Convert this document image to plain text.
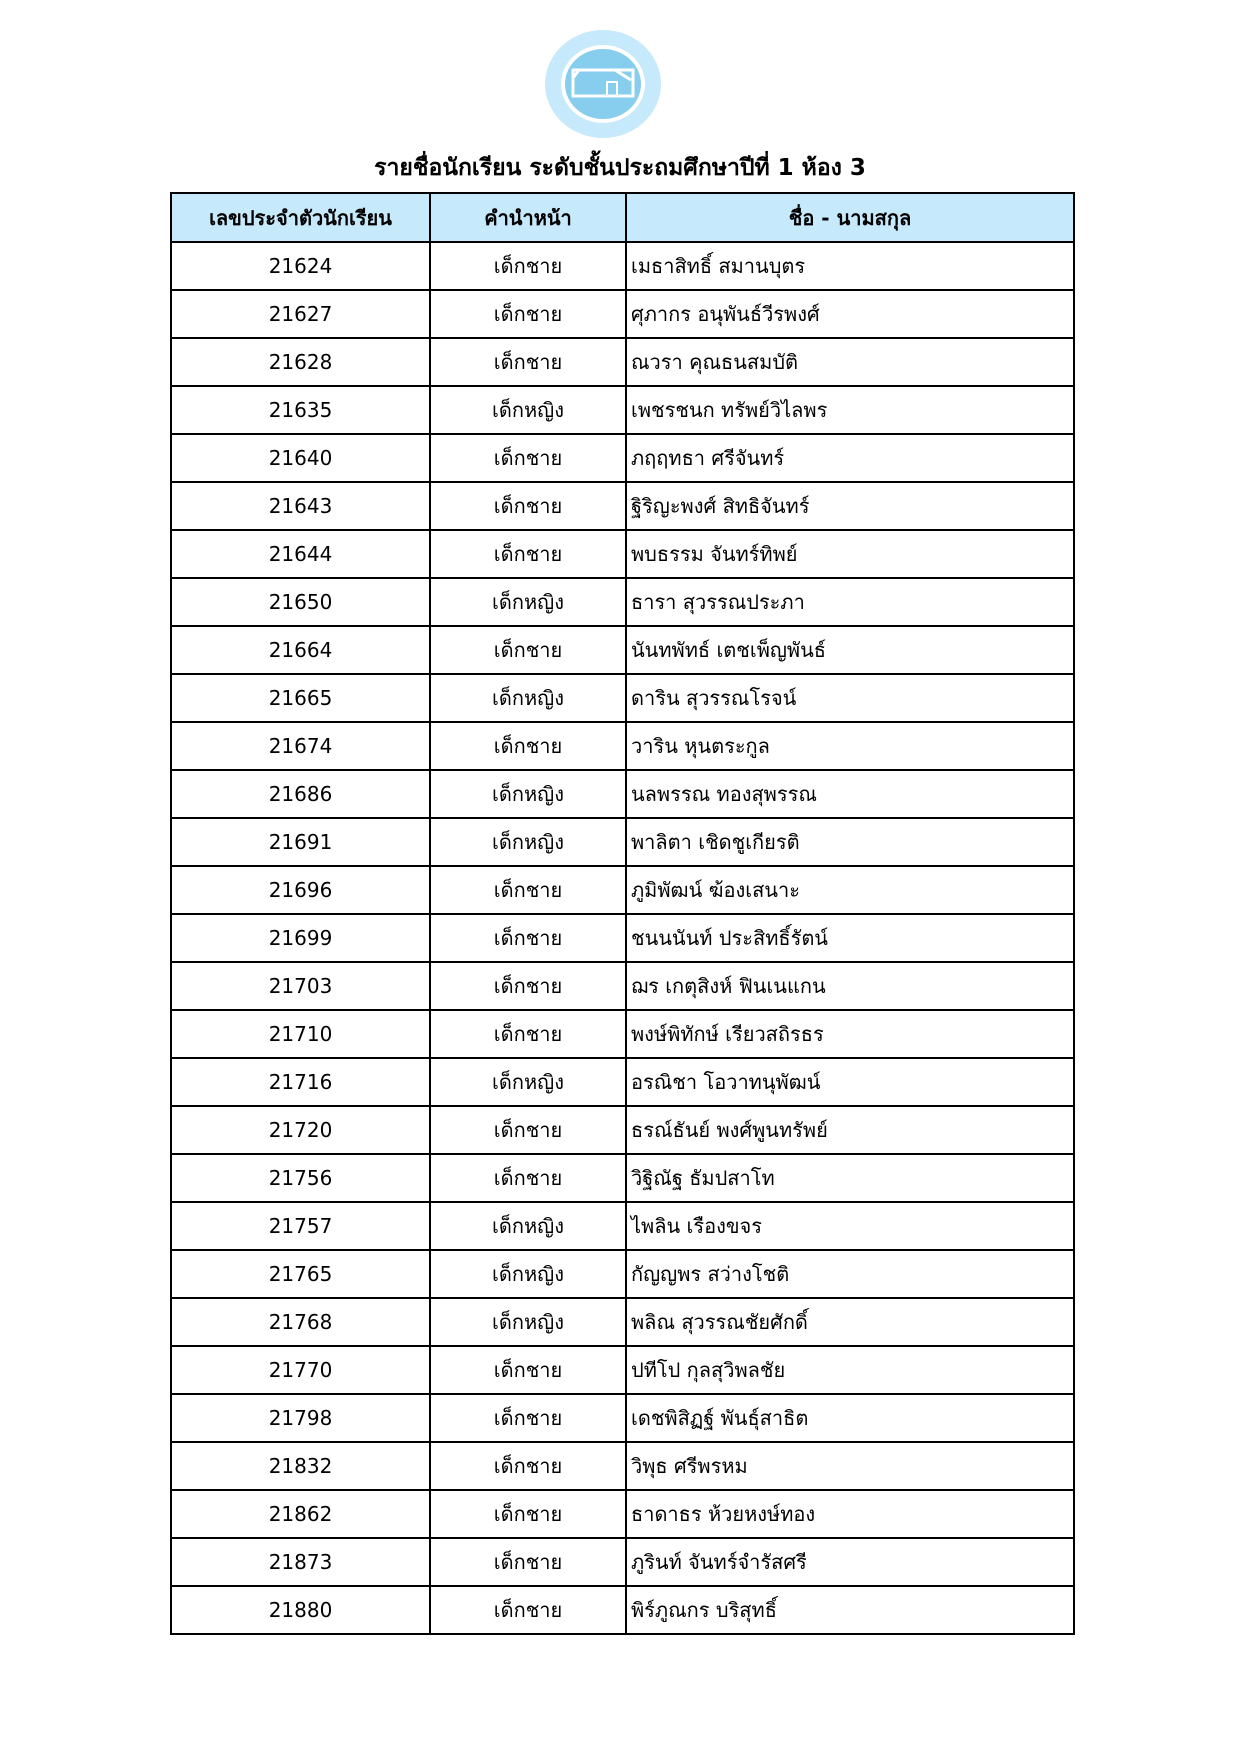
รายชื่อนักเรียน ระดับชั้นประถมศึกษาปีที่ 1 ห้อง 3
เลขประจำตัวนักเรียน	คำนำหน้า	ชื่อ - นามสกุล
21624	เด็กชาย	เมธาสิทธิ์ สมานบุตร
21627	เด็กชาย	ศุภากร อนุพันธ์วีรพงศ์
21628	เด็กชาย	ณวรา คุณธนสมบัติ
21635	เด็กหญิง	เพชรชนก ทรัพย์วิไลพร
21640	เด็กชาย	ภฤฤทธา ศรีจันทร์
21643	เด็กชาย	ฐิริญะพงศ์ สิทธิจันทร์
21644	เด็กชาย	พบธรรม จันทร์ทิพย์
21650	เด็กหญิง	ธารา สุวรรณประภา
21664	เด็กชาย	นันทพัทธ์ เตชเพ็ญพันธ์
21665	เด็กหญิง	ดาริน สุวรรณโรจน์
21674	เด็กชาย	วาริน หุนตระกูล
21686	เด็กหญิง	นลพรรณ ทองสุพรรณ
21691	เด็กหญิง	พาลิตา เชิดชูเกียรติ
21696	เด็กชาย	ภูมิพัฒน์ ฆ้องเสนาะ
21699	เด็กชาย	ชนนนันท์ ประสิทธิ์รัตน์
21703	เด็กชาย	ฌร เกตุสิงห์ ฟินเนแกน
21710	เด็กชาย	พงษ์พิทักษ์ เรียวสถิรธร
21716	เด็กหญิง	อรณิชา โอวาทนุพัฒน์
21720	เด็กชาย	ธรณ์ธันย์ พงศ์พูนทรัพย์
21756	เด็กชาย	วิฐิณัฐ ธัมปสาโท
21757	เด็กหญิง	ไพลิน เรืองขจร
21765	เด็กหญิง	กัญญพร สว่างโชติ
21768	เด็กหญิง	พลิณ สุวรรณชัยศักดิ์
21770	เด็กชาย	ปทีโป กุลสุวิพลชัย
21798	เด็กชาย	เดชพิสิฏฐ์ พันธุ์สาธิต
21832	เด็กชาย	วิพุธ ศรีพรหม
21862	เด็กชาย	ธาดาธร ห้วยหงษ์ทอง
21873	เด็กชาย	ภูรินท์ จันทร์จำรัสศรี
21880	เด็กชาย	พิร์ภูณกร บริสุทธิ์
